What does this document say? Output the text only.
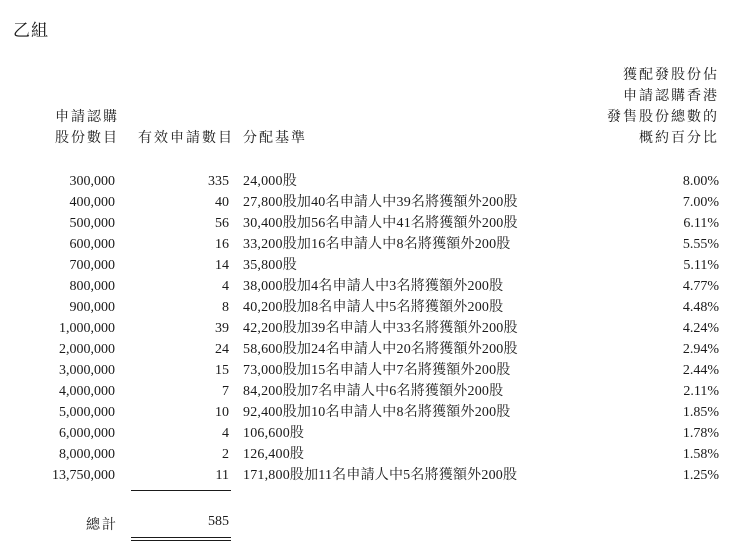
乙組
申請認購
股份數目 有效申請數目 分配基準
獲配發股份佔
申請認購香港
發售股份總數的
概約百分比
300,000	335 24,000股	8.00%
400,000	40 27,800股加40名申請人中39名將獲額外200股	7.00%
500,000	56 30,400股加56名申請人中41名將獲額外200股	6.11%
600,000	16 33,200股加16名申請人中8名將獲額外200股	5.55%
700,000	14 35,800股	5.11%
800,000	4 38,000股加4名申請人中3名將獲額外200股	4.77%
900,000	8 40,200股加8名申請人中5名將獲額外200股	4.48%
1,000,000	39 42,200股加39名申請人中33名將獲額外200股	4.24%
2,000,000	24 58,600股加24名申請人中20名將獲額外200股	2.94%
3,000,000	15 73,000股加15名申請人中7名將獲額外200股	2.44%
4,000,000	7 84,200股加7名申請人中6名將獲額外200股	2.11%
5,000,000	10 92,400股加10名申請人中8名將獲額外200股	1.85%
6,000,000	4 106,600股	1.78%
8,000,000	2 126,400股	1.58%
13,750,000	11 171,800股加11名申請人中5名將獲額外200股	1.25%
總計	585
